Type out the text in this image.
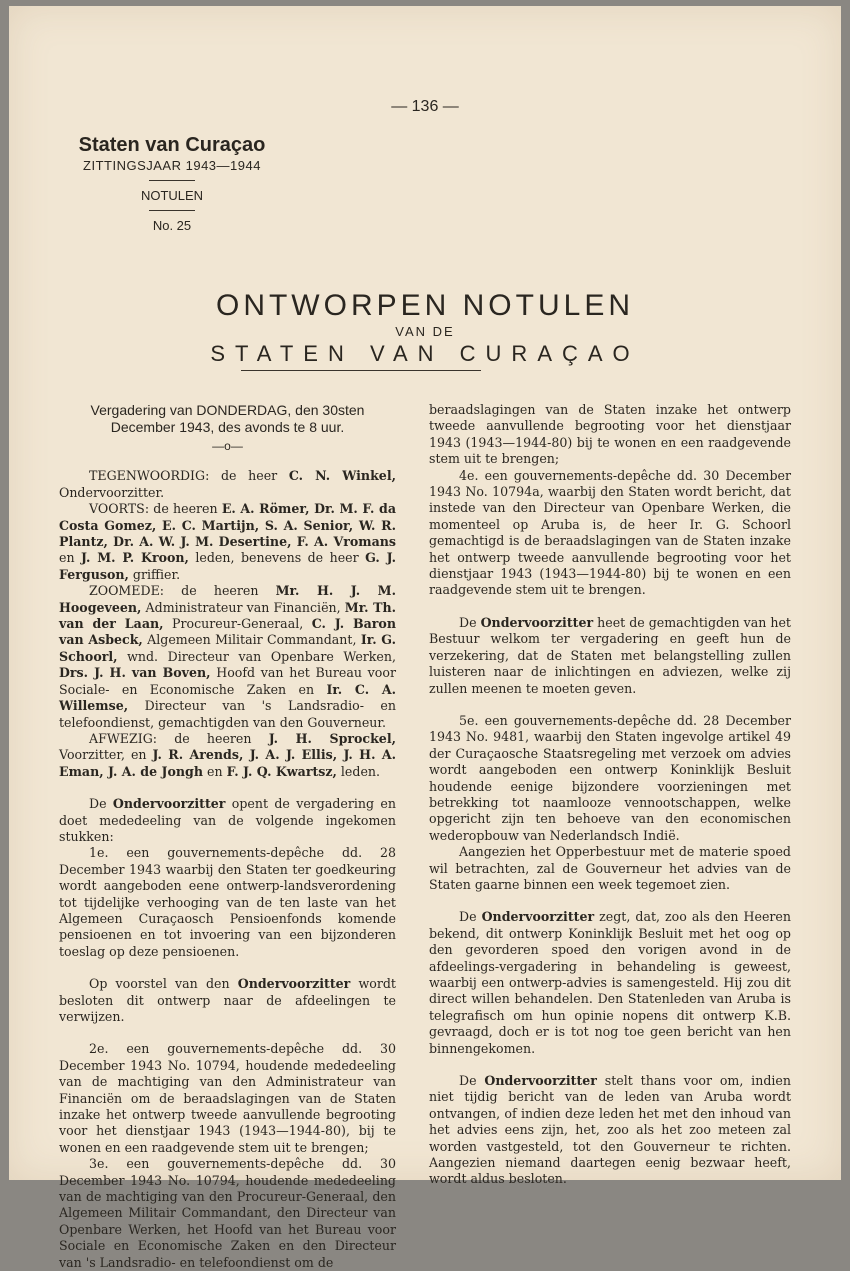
— 136 —
Staten van Curaçao
ZITTINGSJAAR 1943—1944
NOTULEN
No. 25
ONTWORPEN NOTULEN
VAN DE
STATEN VAN CURAÇAO
Vergadering van DONDERDAG, den 30sten December 1943, des avonds te 8 uur.
—o—

TEGENWOORDIG: de heer C. N. Winkel, Ondervoorzitter.

VOORTS: de heeren E. A. Römer, Dr. M. F. da Costa Gomez, E. C. Martijn, S. A. Senior, W. R. Plantz, Dr. A. W. J. M. Desertine, F. A. Vromans en J. M. P. Kroon, leden, benevens de heer G. J. Ferguson, griffier.

ZOOMEDE: de heeren Mr. H. J. M. Hoogeveen, Administrateur van Financiën, Mr. Th. van der Laan, Procureur-Generaal, C. J. Baron van Asbeck, Algemeen Militair Commandant, Ir. G. Schoorl, wnd. Directeur van Openbare Werken, Drs. J. H. van Boven, Hoofd van het Bureau voor Sociale- en Economische Zaken en Ir. C. A. Willemse, Directeur van 's Landsradio- en telefoondienst, gemachtigden van den Gouverneur.

AFWEZIG: de heeren J. H. Sprockel, Voorzitter, en J. R. Arends, J. A. J. Ellis, J. H. A. Eman, J. A. de Jongh en F. J. Q. Kwartsz, leden.

De Ondervoorzitter opent de vergadering en doet mededeeling van de volgende ingekomen stukken:

1e. een gouvernements-depêche dd. 28 December 1943 waarbij den Staten ter goedkeuring wordt aangeboden eene ontwerp-landsverordening tot tijdelijke verhooging van de ten laste van het Algemeen Curaçaosch Pensioenfonds komende pensioenen en tot invoering van een bijzonderen toeslag op deze pensioenen.

Op voorstel van den Ondervoorzitter wordt besloten dit ontwerp naar de afdeelingen te verwijzen.

2e. een gouvernements-depêche dd. 30 December 1943 No. 10794, houdende mededeeling van de machtiging van den Administrateur van Financiën om de beraadslagingen van de Staten inzake het ontwerp tweede aanvullende begrooting voor het dienstjaar 1943 (1943—1944-80), bij te wonen en een raadgevende stem uit te brengen;

3e. een gouvernements-depêche dd. 30 December 1943 No. 10794, houdende mededeeling van de machtiging van den Procureur-Generaal, den Algemeen Militair Commandant, den Directeur van Openbare Werken, het Hoofd van het Bureau voor Sociale en Economische Zaken en den Directeur van 's Landsradio- en telefoondienst om de

beraadslagingen van de Staten inzake het ontwerp tweede aanvullende begrooting voor het dienstjaar 1943 (1943—1944-80) bij te wonen en een raadgevende stem uit te brengen;

4e. een gouvernements-depêche dd. 30 December 1943 No. 10794a, waarbij den Staten wordt bericht, dat instede van den Directeur van Openbare Werken, die momenteel op Aruba is, de heer Ir. G. Schoorl gemachtigd is de beraadslagingen van de Staten inzake het ontwerp tweede aanvullende begrooting voor het dienstjaar 1943 (1943—1944-80) bij te wonen en een raadgevende stem uit te brengen.

De Ondervoorzitter heet de gemachtigden van het Bestuur welkom ter vergadering en geeft hun de verzekering, dat de Staten met belangstelling zullen luisteren naar de inlichtingen en adviezen, welke zij zullen meenen te moeten geven.

5e. een gouvernements-depêche dd. 28 December 1943 No. 9481, waarbij den Staten ingevolge artikel 49 der Curaçaosche Staatsregeling met verzoek om advies wordt aangeboden een ontwerp Koninklijk Besluit houdende eenige bijzondere voorzieningen met betrekking tot naamlooze vennootschappen, welke opgericht zijn ten behoeve van den economischen wederopbouw van Nederlandsch Indië.

Aangezien het Opperbestuur met de materie spoed wil betrachten, zal de Gouverneur het advies van de Staten gaarne binnen een week tegemoet zien.

De Ondervoorzitter zegt, dat, zoo als den Heeren bekend, dit ontwerp Koninklijk Besluit met het oog op den gevorderen spoed den vorigen avond in de afdeelings-vergadering in behandeling is geweest, waarbij een ontwerp-advies is samengesteld. Hij zou dit direct willen behandelen. Den Statenleden van Aruba is telegrafisch om hun opinie nopens dit ontwerp K.B. gevraagd, doch er is tot nog toe geen bericht van hen binnengekomen.

De Ondervoorzitter stelt thans voor om, indien niet tijdig bericht van de leden van Aruba wordt ontvangen, of indien deze leden het met den inhoud van het advies eens zijn, het, zoo als het zoo meteen zal worden vastgesteld, tot den Gouverneur te richten. Aangezien niemand daartegen eenig bezwaar heeft, wordt aldus besloten.
